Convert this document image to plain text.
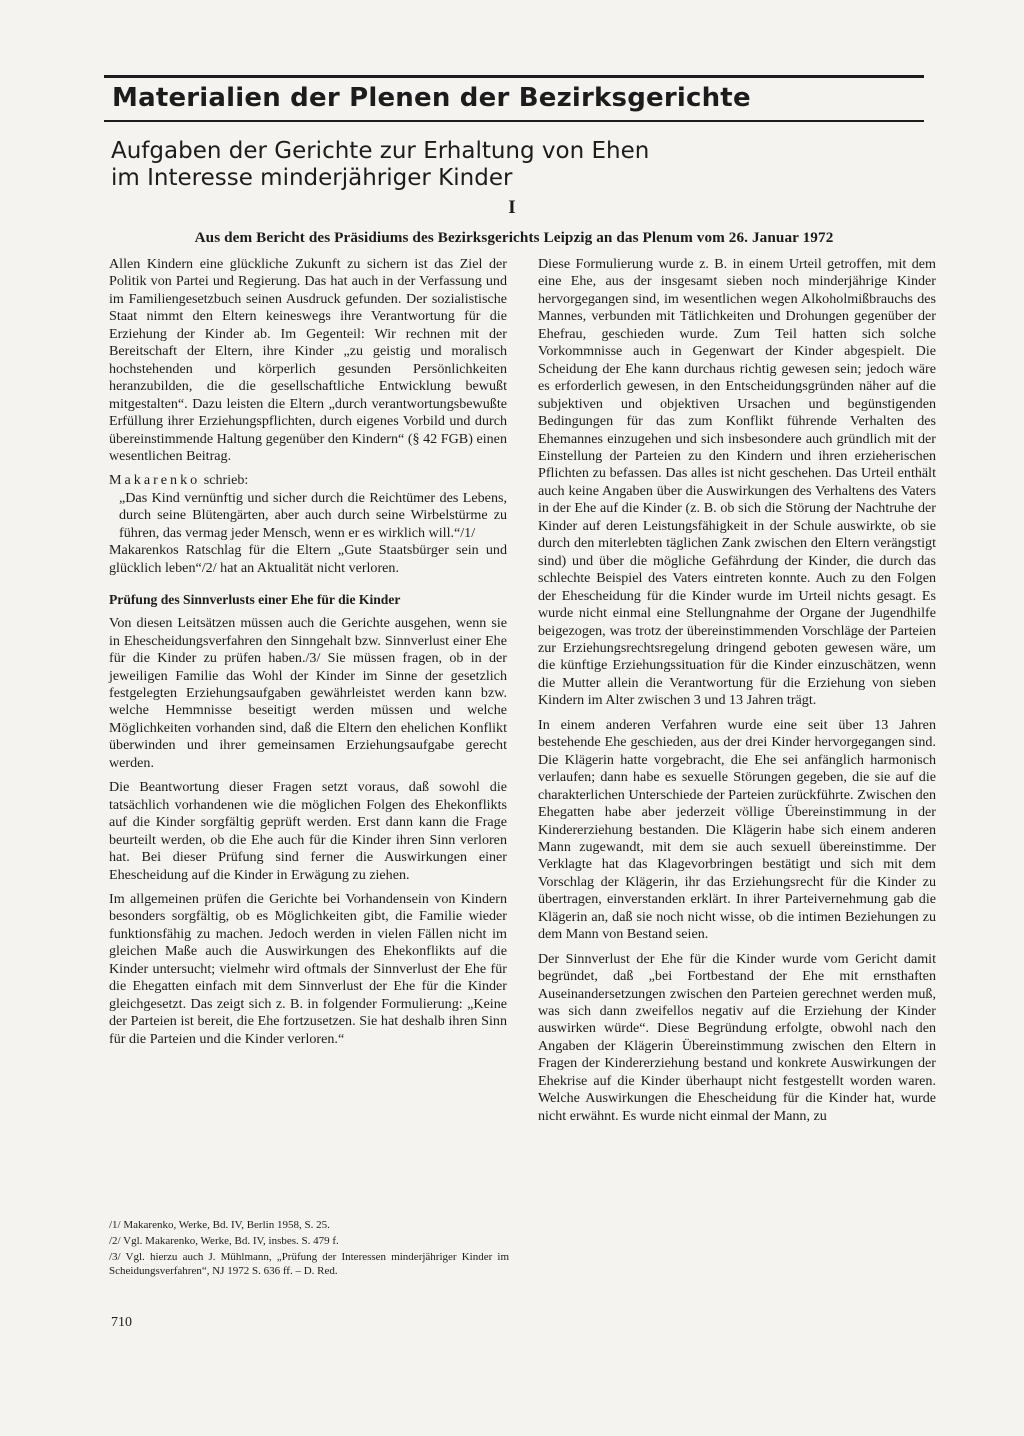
Materialien der Plenen der Bezirksgerichte
Aufgaben der Gerichte zur Erhaltung von Ehen
im Interesse minderjähriger Kinder

I

Aus dem Bericht des Präsidiums des Bezirksgerichts Leipzig an das Plenum vom 26. Januar 1972

Allen Kindern eine glückliche Zukunft zu sichern ist das Ziel der Politik von Partei und Regierung. Das hat auch in der Verfassung und im Familiengesetzbuch seinen Ausdruck gefunden. Der sozialistische Staat nimmt den Eltern keineswegs ihre Verantwortung für die Erziehung der Kinder ab. Im Gegenteil: Wir rechnen mit der Bereitschaft der Eltern, ihre Kinder „zu geistig und moralisch hochstehenden und körperlich gesunden Persönlichkeiten heranzubilden, die die gesellschaftliche Entwicklung bewußt mitgestalten“. Dazu leisten die Eltern „durch verantwortungsbewußte Erfüllung ihrer Erziehungspflichten, durch eigenes Vorbild und durch übereinstimmende Haltung gegenüber den Kindern“ (§ 42 FGB) einen wesentlichen Beitrag.

Makarenko schrieb:

„Das Kind vernünftig und sicher durch die Reichtümer des Lebens, durch seine Blütengärten, aber auch durch seine Wirbelstürme zu führen, das vermag jeder Mensch, wenn er es wirklich will.“/1/

Makarenkos Ratschlag für die Eltern „Gute Staatsbürger sein und glücklich leben“/2/ hat an Aktualität nicht verloren.

Prüfung des Sinnverlusts einer Ehe für die Kinder

Von diesen Leitsätzen müssen auch die Gerichte ausgehen, wenn sie in Ehescheidungsverfahren den Sinngehalt bzw. Sinnverlust einer Ehe für die Kinder zu prüfen haben./3/ Sie müssen fragen, ob in der jeweiligen Familie das Wohl der Kinder im Sinne der gesetzlich festgelegten Erziehungsaufgaben gewährleistet werden kann bzw. welche Hemmnisse beseitigt werden müssen und welche Möglichkeiten vorhanden sind, daß die Eltern den ehelichen Konflikt überwinden und ihrer gemeinsamen Erziehungsaufgabe gerecht werden.

Die Beantwortung dieser Fragen setzt voraus, daß sowohl die tatsächlich vorhandenen wie die möglichen Folgen des Ehekonflikts auf die Kinder sorgfältig geprüft werden. Erst dann kann die Frage beurteilt werden, ob die Ehe auch für die Kinder ihren Sinn verloren hat. Bei dieser Prüfung sind ferner die Auswirkungen einer Ehescheidung auf die Kinder in Erwägung zu ziehen.

Im allgemeinen prüfen die Gerichte bei Vorhandensein von Kindern besonders sorgfältig, ob es Möglichkeiten gibt, die Familie wieder funktionsfähig zu machen. Jedoch werden in vielen Fällen nicht im gleichen Maße auch die Auswirkungen des Ehekonflikts auf die Kinder untersucht; vielmehr wird oftmals der Sinnverlust der Ehe für die Ehegatten einfach mit dem Sinnverlust der Ehe für die Kinder gleichgesetzt. Das zeigt sich z. B. in folgender Formulierung: „Keine der Parteien ist bereit, die Ehe fortzusetzen. Sie hat deshalb ihren Sinn für die Parteien und die Kinder verloren.“

/1/ Makarenko, Werke, Bd. IV, Berlin 1958, S. 25.

/2/ Vgl. Makarenko, Werke, Bd. IV, insbes. S. 479 f.

/3/ Vgl. hierzu auch J. Mühlmann, „Prüfung der Interessen minderjähriger Kinder im Scheidungsverfahren“, NJ 1972 S. 636 ff. – D. Red.

710

Diese Formulierung wurde z. B. in einem Urteil getroffen, mit dem eine Ehe, aus der insgesamt sieben noch minderjährige Kinder hervorgegangen sind, im wesentlichen wegen Alkoholmißbrauchs des Mannes, verbunden mit Tätlichkeiten und Drohungen gegenüber der Ehefrau, geschieden wurde. Zum Teil hatten sich solche Vorkommnisse auch in Gegenwart der Kinder abgespielt. Die Scheidung der Ehe kann durchaus richtig gewesen sein; jedoch wäre es erforderlich gewesen, in den Entscheidungsgründen näher auf die subjektiven und objektiven Ursachen und begünstigenden Bedingungen für das zum Konflikt führende Verhalten des Ehemannes einzugehen und sich insbesondere auch gründlich mit der Einstellung der Parteien zu den Kindern und ihren erzieherischen Pflichten zu befassen. Das alles ist nicht geschehen. Das Urteil enthält auch keine Angaben über die Auswirkungen des Verhaltens des Vaters in der Ehe auf die Kinder (z. B. ob sich die Störung der Nachtruhe der Kinder auf deren Leistungsfähigkeit in der Schule auswirkte, ob sie durch den miterlebten täglichen Zank zwischen den Eltern verängstigt sind) und über die mögliche Gefährdung der Kinder, die durch das schlechte Beispiel des Vaters eintreten konnte. Auch zu den Folgen der Ehescheidung für die Kinder wurde im Urteil nichts gesagt. Es wurde nicht einmal eine Stellungnahme der Organe der Jugendhilfe beigezogen, was trotz der übereinstimmenden Vorschläge der Parteien zur Erziehungsrechtsregelung dringend geboten gewesen wäre, um die künftige Erziehungssituation für die Kinder einzuschätzen, wenn die Mutter allein die Verantwortung für die Erziehung von sieben Kindern im Alter zwischen 3 und 13 Jahren trägt.

In einem anderen Verfahren wurde eine seit über 13 Jahren bestehende Ehe geschieden, aus der drei Kinder hervorgegangen sind. Die Klägerin hatte vorgebracht, die Ehe sei anfänglich harmonisch verlaufen; dann habe es sexuelle Störungen gegeben, die sie auf die charakterlichen Unterschiede der Parteien zurückführte. Zwischen den Ehegatten habe aber jederzeit völlige Übereinstimmung in der Kindererziehung bestanden. Die Klägerin habe sich einem anderen Mann zugewandt, mit dem sie auch sexuell übereinstimme. Der Verklagte hat das Klagevorbringen bestätigt und sich mit dem Vorschlag der Klägerin, ihr das Erziehungsrecht für die Kinder zu übertragen, einverstanden erklärt. In ihrer Parteivernehmung gab die Klägerin an, daß sie noch nicht wisse, ob die intimen Beziehungen zu dem Mann von Bestand seien.

Der Sinnverlust der Ehe für die Kinder wurde vom Gericht damit begründet, daß „bei Fortbestand der Ehe mit ernsthaften Auseinandersetzungen zwischen den Parteien gerechnet werden muß, was sich dann zweifellos negativ auf die Erziehung der Kinder auswirken würde“. Diese Begründung erfolgte, obwohl nach den Angaben der Klägerin Übereinstimmung zwischen den Eltern in Fragen der Kindererziehung bestand und konkrete Auswirkungen der Ehekrise auf die Kinder überhaupt nicht festgestellt worden waren. Welche Auswirkungen die Ehescheidung für die Kinder hat, wurde nicht erwähnt. Es wurde nicht einmal der Mann, zu
